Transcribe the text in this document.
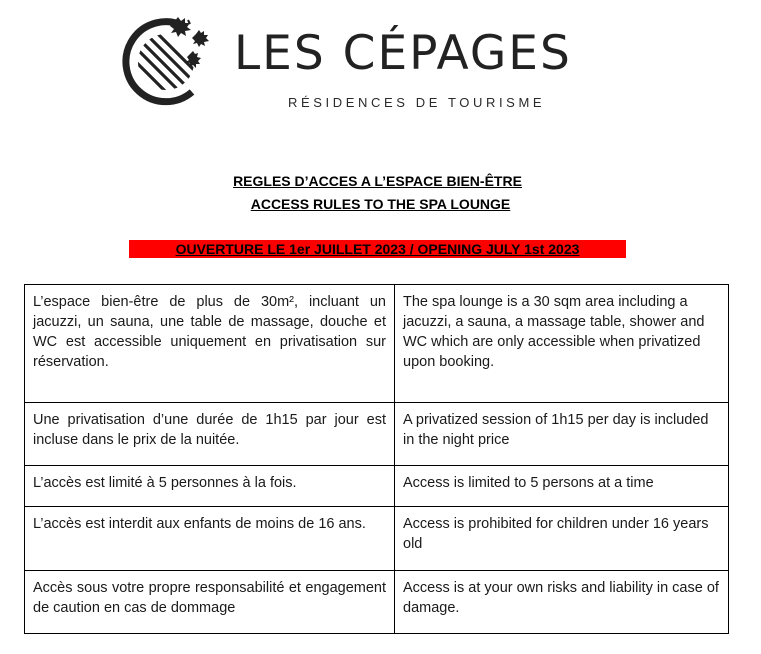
LES CÉPAGES
RÉSIDENCES DE TOURISME
REGLES D’ACCES A L’ESPACE BIEN-ÊTRE
ACCESS RULES TO THE SPA LOUNGE
OUVERTURE LE 1er JUILLET 2023 / OPENING JULY 1st 2023
L’espace bien-être de plus de 30m², incluant un jacuzzi, un sauna, une table de massage, douche et WC est accessible uniquement en privatisation sur réservation.	The spa lounge is a 30 sqm area including a jacuzzi, a sauna, a massage table, shower and WC which are only accessible when privatized upon booking.
Une privatisation d’une durée de 1h15 par jour est incluse dans le prix de la nuitée.	A privatized session of 1h15 per day is included in the night price
L’accès est limité à 5 personnes à la fois.	Access is limited to 5 persons at a time
L’accès est interdit aux enfants de moins de 16 ans.	Access is prohibited for children under 16 years old
Accès sous votre propre responsabilité et engagement de caution en cas de dommage	Access is at your own risks and liability in case of damage.
